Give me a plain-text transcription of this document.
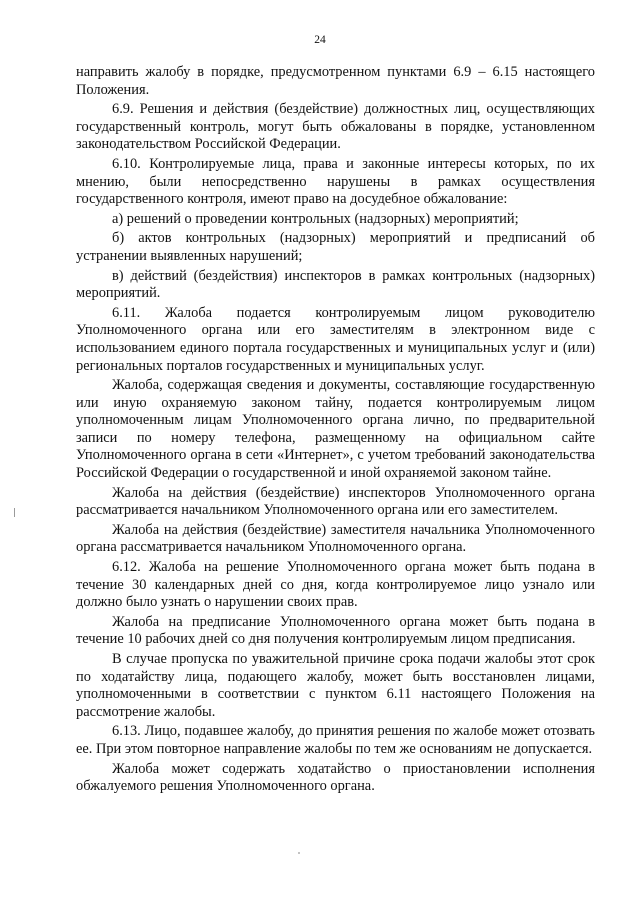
24

направить жалобу в порядке, предусмотренном пунктами 6.9 – 6.15 настоящего Положения.

6.9. Решения и действия (бездействие) должностных лиц, осуществляющих государственный контроль, могут быть обжалованы в порядке, установленном законодательством Российской Федерации.

6.10. Контролируемые лица, права и законные интересы которых, по их мнению, были непосредственно нарушены в рамках осуществления государственного контроля, имеют право на досудебное обжалование:

а) решений о проведении контрольных (надзорных) мероприятий;

б) актов контрольных (надзорных) мероприятий и предписаний об устранении выявленных нарушений;

в) действий (бездействия) инспекторов в рамках контрольных (надзорных) мероприятий.

6.11. Жалоба подается контролируемым лицом руководителю Уполномоченного органа или его заместителям в электронном виде с использованием единого портала государственных и муниципальных услуг и (или) региональных порталов государственных и муниципальных услуг.

Жалоба, содержащая сведения и документы, составляющие государственную или иную охраняемую законом тайну, подается контролируемым лицом уполномоченным лицам Уполномоченного органа лично, по предварительной записи по номеру телефона, размещенному на официальном сайте Уполномоченного органа в сети «Интернет», с учетом требований законодательства Российской Федерации о государственной и иной охраняемой законом тайне.

Жалоба на действия (бездействие) инспекторов Уполномоченного органа рассматривается начальником Уполномоченного органа или его заместителем.

Жалоба на действия (бездействие) заместителя начальника Уполномоченного органа рассматривается начальником Уполномоченного органа.

6.12. Жалоба на решение Уполномоченного органа может быть подана в течение 30 календарных дней со дня, когда контролируемое лицо узнало или должно было узнать о нарушении своих прав.

Жалоба на предписание Уполномоченного органа может быть подана в течение 10 рабочих дней со дня получения контролируемым лицом предписания.

В случае пропуска по уважительной причине срока подачи жалобы этот срок по ходатайству лица, подающего жалобу, может быть восстановлен лицами, уполномоченными в соответствии с пунктом 6.11 настоящего Положения на рассмотрение жалобы.

6.13. Лицо, подавшее жалобу, до принятия решения по жалобе может отозвать ее. При этом повторное направление жалобы по тем же основаниям не допускается.

Жалоба может содержать ходатайство о приостановлении исполнения обжалуемого решения Уполномоченного органа.
